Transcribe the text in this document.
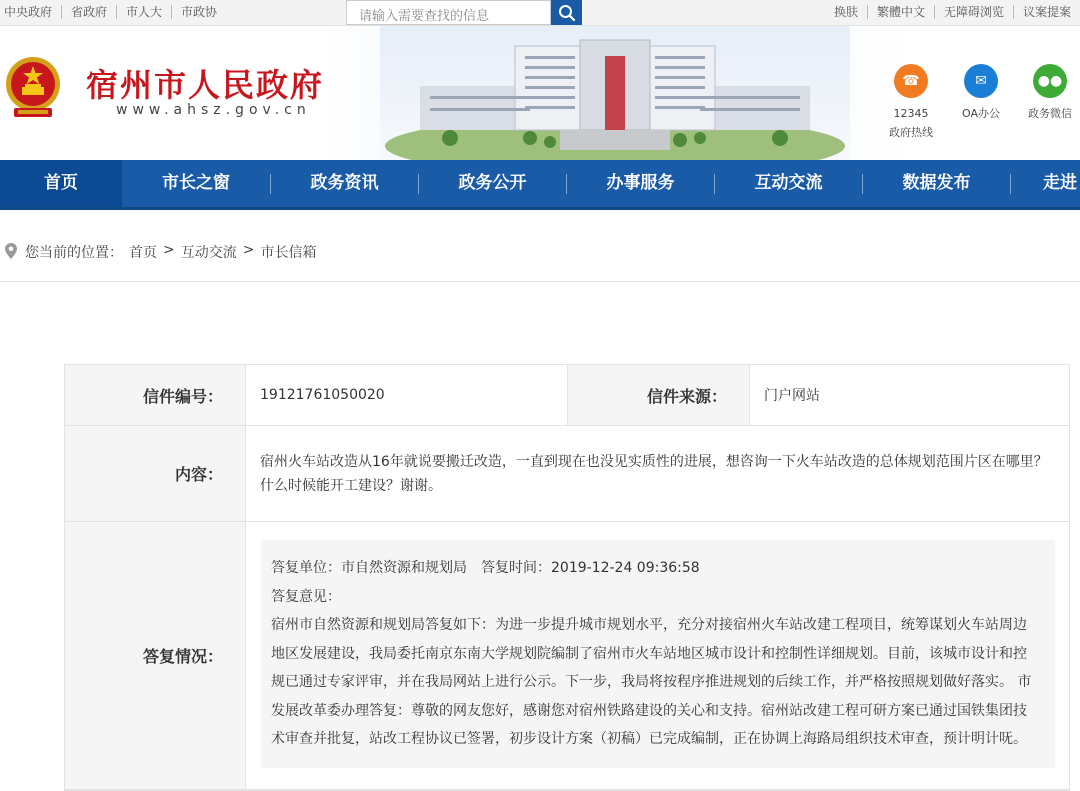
中央政府	省政府	市人大	市政协	请输入需要查找的信息	换肤	繁體中文	无障碍浏览	议案提案
宿州市人民政府
www.ahsz.gov.cn
☎
12345
政府热线
✉
OA办公
●●
政务微信
首页	市长之窗	政务资讯	政务公开	办事服务	互动交流	数据发布	走进
您当前的位置： 首页 > 互动交流 > 市长信箱
信件编号：	19121761050020	信件来源：	门户网站
内容：
宿州火车站改造从16年就说要搬迁改造，一直到现在也没见实质性的进展，想咨询一下火车站改造的总体规划范围片区在哪里？什么时候能开工建设？谢谢。
答复情况：
答复单位：市自然资源和规划局　答复时间：2019-12-24 09:36:58
答复意见：
宿州市自然资源和规划局答复如下：为进一步提升城市规划水平，充分对接宿州火车站改建工程项目，统筹谋划火车站周边地区发展建设，我局委托南京东南大学规划院编制了宿州市火车站地区城市设计和控制性详细规划。目前，该城市设计和控规已通过专家评审，并在我局网站上进行公示。下一步，我局将按程序推进规划的后续工作，并严格按照规划做好落实。 市发展改革委办理答复：尊敬的网友您好，感谢您对宿州铁路建设的关心和支持。宿州站改建工程可研方案已通过国铁集团技术审查并批复，站改工程协议已签署，初步设计方案（初稿）已完成编制，正在协调上海路局组织技术审查，预计明计呒。
